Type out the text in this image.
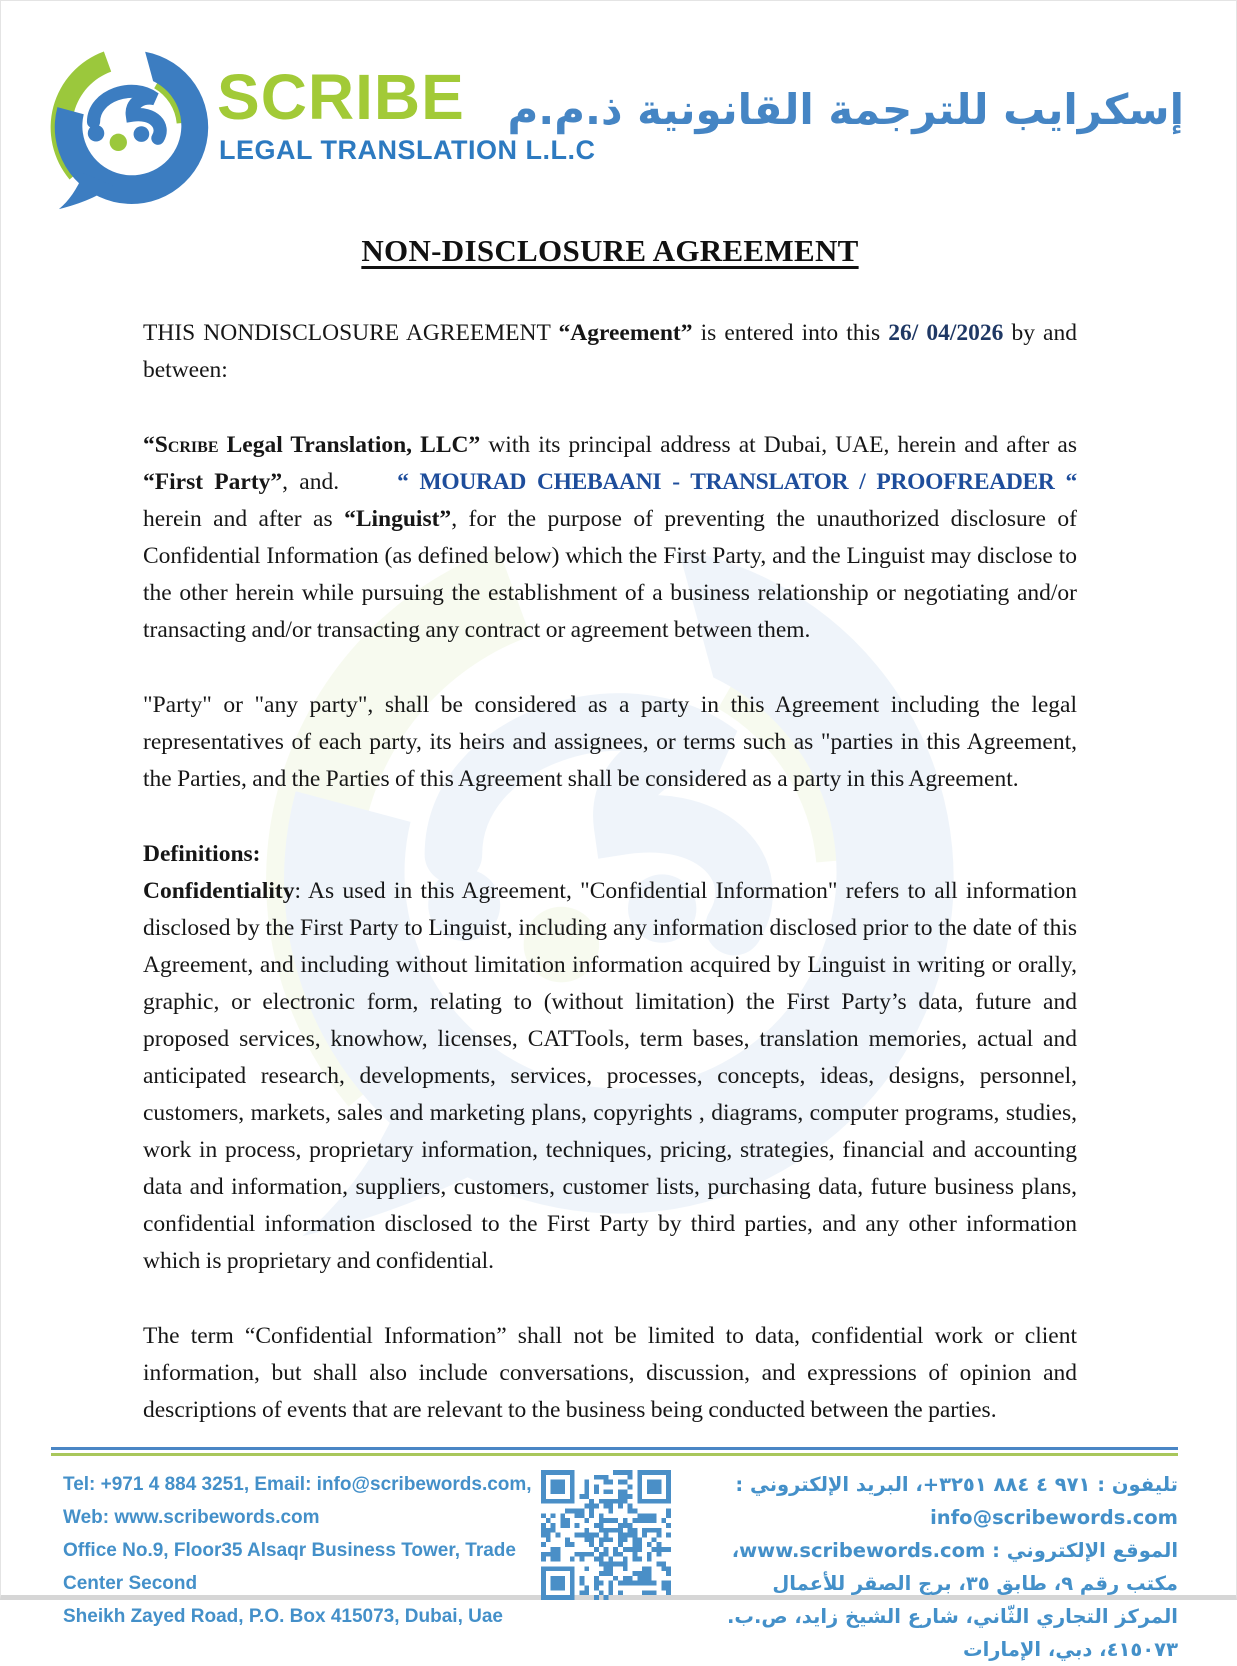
SCRIBE
LEGAL TRANSLATION L.L.C
إسكرايب للترجمة القانونية ذ.م.م
NON-DISCLOSURE AGREEMENT

THIS NONDISCLOSURE AGREEMENT “Agreement” is entered into this 26/ 04/2026 by and between:

“Scribe Legal Translation, LLC” with its principal address at Dubai, UAE, herein and after as “First Party”, and. “ MOURAD CHEBAANI - TRANSLATOR / PROOFREADER “ herein and after as “Linguist”, for the purpose of preventing the unauthorized disclosure of Confidential Information (as defined below) which the First Party, and the Linguist may disclose to the other herein while pursuing the establishment of a business relationship or negotiating and/or transacting and/or transacting any contract or agreement between them.

"Party" or "any party", shall be considered as a party in this Agreement including the legal representatives of each party, its heirs and assignees, or terms such as "parties in this Agreement, the Parties, and the Parties of this Agreement shall be considered as a party in this Agreement.

Definitions:

Confidentiality: As used in this Agreement, "Confidential Information" refers to all information disclosed by the First Party to Linguist, including any information disclosed prior to the date of this Agreement, and including without limitation information acquired by Linguist in writing or orally, graphic, or electronic form, relating to (without limitation) the First Party’s data, future and proposed services, knowhow, licenses, CATTools, term bases, translation memories, actual and anticipated research, developments, services, processes, concepts, ideas, designs, personnel, customers, markets, sales and marketing plans, copyrights , diagrams, computer programs, studies, work in process, proprietary information, techniques, pricing, strategies, financial and accounting data and information, suppliers, customers, customer lists, purchasing data, future business plans, confidential information disclosed to the First Party by third parties, and any other information which is proprietary and confidential.

The term “Confidential Information” shall not be limited to data, confidential work or client information, but shall also include conversations, discussion, and expressions of opinion and descriptions of events that are relevant to the business being conducted between the parties.

Tel: +971 4 884 3251, Email: info@scribewords.com, Web: www.scribewords.com
Office No.9, Floor35 Alsaqr Business Tower, Trade Center Second
Sheikh Zayed Road, P.O. Box 415073, Dubai, Uae
تليفون : +٩٧١ ٤ ٨٨٤ ٣٢٥١، البريد الإلكتروني : info@scribewords.com
الموقع الإلكتروني : www.scribewords.com، مكتب رقم ٩، طابق ٣٥، برج الصقر للأعمال
المركز التجاري الثّاني، شارع الشيخ زايد، ص.ب. ٤١٥٠٧٣، دبي، الإمارات
